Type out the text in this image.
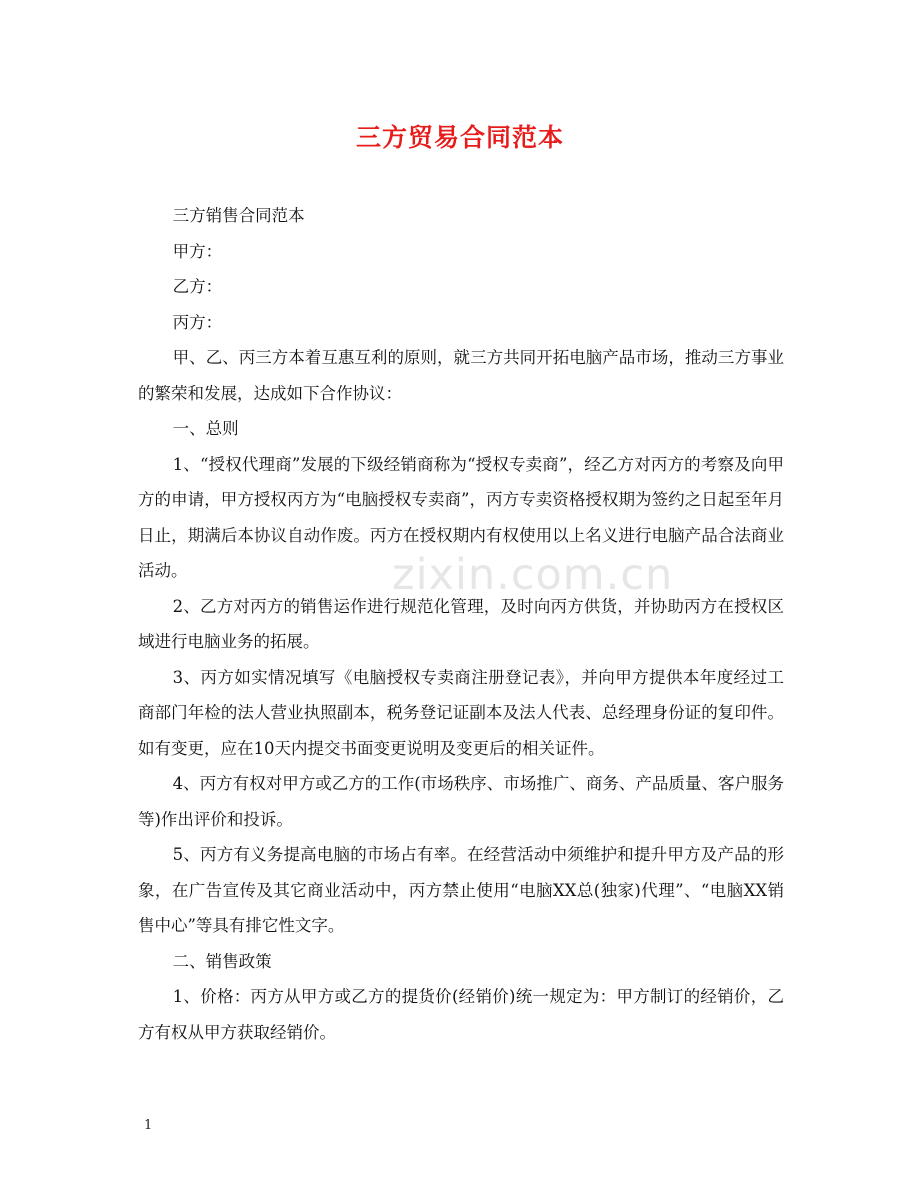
三方贸易合同范本

三方销售合同范本

甲方：

乙方：

丙方：

甲、乙、丙三方本着互惠互利的原则，就三方共同开拓电脑产品市场，推动三方事业的繁荣和发展，达成如下合作协议：

一、总则

1、“授权代理商”发展的下级经销商称为“授权专卖商”，经乙方对丙方的考察及向甲方的申请，甲方授权丙方为“电脑授权专卖商”，丙方专卖资格授权期为签约之日起至年月日止，期满后本协议自动作废。丙方在授权期内有权使用以上名义进行电脑产品合法商业活动。

2、乙方对丙方的销售运作进行规范化管理，及时向丙方供货，并协助丙方在授权区域进行电脑业务的拓展。

3、丙方如实情况填写《电脑授权专卖商注册登记表》，并向甲方提供本年度经过工商部门年检的法人营业执照副本，税务登记证副本及法人代表、总经理身份证的复印件。如有变更，应在10天内提交书面变更说明及变更后的相关证件。

4、丙方有权对甲方或乙方的工作(市场秩序、市场推广、商务、产品质量、客户服务等)作出评价和投诉。

5、丙方有义务提高电脑的市场占有率。在经营活动中须维护和提升甲方及产品的形象，在广告宣传及其它商业活动中，丙方禁止使用“电脑XX总(独家)代理”、“电脑XX销售中心”等具有排它性文字。

二、销售政策

1、价格：丙方从甲方或乙方的提货价(经销价)统一规定为：甲方制订的经销价，乙方有权从甲方获取经销价。

zixin.com.cn
1
